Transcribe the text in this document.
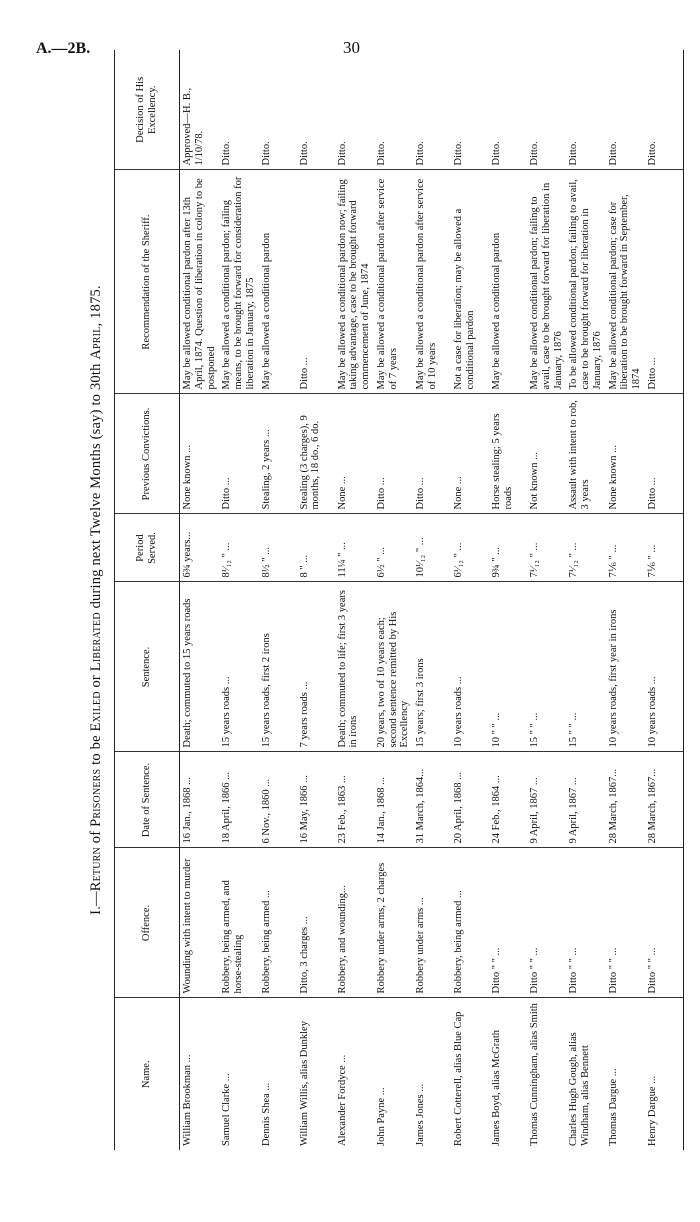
A.—2B.	30
I.—Return of Prisoners to be Exiled or Liberated during next Twelve Months (say) to 30th April, 1875.
Name.	Offence.	Date of Sentence.	Sentence.	Period Served.	Previous Convictions.	Recommendation of the Sheriff.	Decision of His Excellency.
William Brookman ...	Wounding with intent to murder	16 Jan., 1868 ...	Death; commuted to 15 years roads	6¾ years...	None known ...	May be allowed conditional pardon after 13th April, 1874. Question of liberation in colony to be postponed	Approved—H. B., 1/10/78.
Samuel Clarke ...	Robbery, being armed, and horse-stealing	18 April, 1866 ...	15 years roads ...	8¹⁄₁₂ " ...	Ditto ...	May be allowed a conditional pardon; failing means, to be brought forward for consideration for liberation in January, 1875	Ditto.
Dennis Shea ...	Robbery, being armed ...	6 Nov., 1860 ...	15 years roads, first 2 irons	8½ " ...	Stealing, 2 years ...	May be allowed a conditional pardon	Ditto.
William Willis, alias Dunkley	Ditto, 3 charges ...	16 May, 1866 ...	7 years roads ...	8 " ...	Stealing (3 charges), 9 months, 18 do., 6 do.	Ditto ...	Ditto.
Alexander Fordyce ...	Robbery, and wounding...	23 Feb., 1863 ...	Death; commuted to life; first 3 years in irons	11¼ " ...	None ...	May be allowed a conditional pardon now; failing taking advantage, case to be brought forward commencement of June, 1874	Ditto.
John Payne ...	Robbery under arms, 2 charges	14 Jan., 1868 ...	20 years, two of 10 years each; second sentence remitted by His Excellency	6½ " ...	Ditto ...	May be allowed a conditional pardon after service of 7 years	Ditto.
James Jones ...	Robbery under arms ...	31 March, 1864...	15 years; first 3 irons	10¹⁄₁₂ " ...	Ditto ...	May be allowed a conditional pardon after service of 10 years	Ditto.
Robert Cotterell, alias Blue Cap	Robbery, being armed ...	20 April, 1868 ...	10 years roads ...	6¹⁄₁₂ " ...	None ...	Not a case for liberation; may be allowed a conditional pardon	Ditto.
James Boyd, alias McGrath	Ditto " " ...	24 Feb., 1864 ...	10 " " ...	9¾ " ...	Horse stealing; 5 years roads	May be allowed a conditional pardon	Ditto.
Thomas Cunningham, alias Smith	Ditto " " ...	9 April, 1867 ...	15 " " ...	7¹⁄₁₂ " ...	Not known ...	May be allowed conditional pardon; failing to avail, case to be brought forward for liberation in January, 1876	Ditto.
Charles Hugh Gough, alias Windham, alias Bennett	Ditto " " ...	9 April, 1867 ...	15 " " ...	7¹⁄₁₂ " ...	Assault with intent to rob, 3 years	To be allowed conditional pardon; failing to avail, case to be brought forward for liberation in January, 1876	Ditto.
Thomas Dargue ...	Ditto " " ...	28 March, 1867...	10 years roads, first year in irons	7⅙ " ...	None known ...	May be allowed conditional pardon; case for liberation to be brought forward in September, 1874	Ditto.
Henry Dargue ...	Ditto " " ...	28 March, 1867...	10 years roads ...	7⅙ " ...	Ditto ...	Ditto ...	Ditto.
